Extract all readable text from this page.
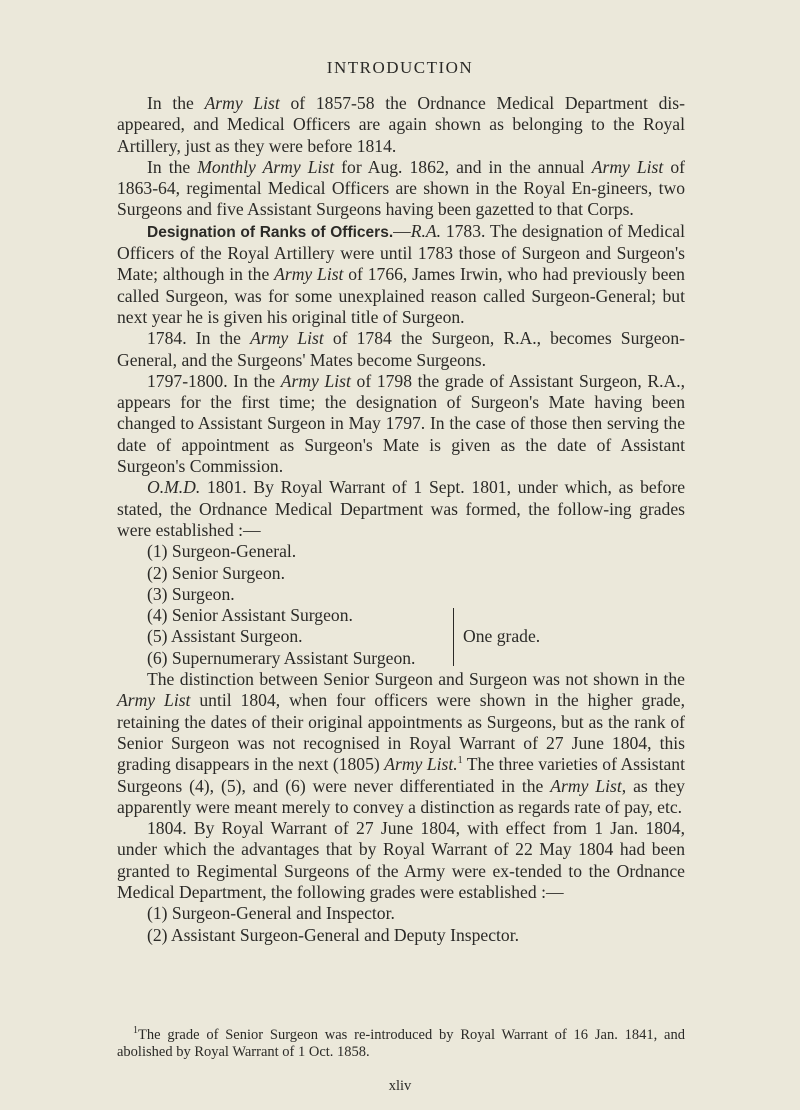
INTRODUCTION

In the Army List of 1857-58 the Ordnance Medical Department dis-appeared, and Medical Officers are again shown as belonging to the Royal Artillery, just as they were before 1814.

In the Monthly Army List for Aug. 1862, and in the annual Army List of 1863-64, regimental Medical Officers are shown in the Royal En-gineers, two Surgeons and five Assistant Surgeons having been gazetted to that Corps.

Designation of Ranks of Officers.—R.A. 1783. The designation of Medical Officers of the Royal Artillery were until 1783 those of Surgeon and Surgeon's Mate; although in the Army List of 1766, James Irwin, who had previously been called Surgeon, was for some unexplained reason called Surgeon-General; but next year he is given his original title of Surgeon.

1784. In the Army List of 1784 the Surgeon, R.A., becomes Surgeon-General, and the Surgeons' Mates become Surgeons.

1797-1800. In the Army List of 1798 the grade of Assistant Surgeon, R.A., appears for the first time; the designation of Surgeon's Mate having been changed to Assistant Surgeon in May 1797. In the case of those then serving the date of appointment as Surgeon's Mate is given as the date of Assistant Surgeon's Commission.

O.M.D. 1801. By Royal Warrant of 1 Sept. 1801, under which, as before stated, the Ordnance Medical Department was formed, the follow-ing grades were established :—

(1) Surgeon-General.

(2) Senior Surgeon.

(3) Surgeon.

(4) Senior Assistant Surgeon.

(5) Assistant Surgeon.

(6) Supernumerary Assistant Surgeon.

One grade.

The distinction between Senior Surgeon and Surgeon was not shown in the Army List until 1804, when four officers were shown in the higher grade, retaining the dates of their original appointments as Surgeons, but as the rank of Senior Surgeon was not recognised in Royal Warrant of 27 June 1804, this grading disappears in the next (1805) Army List.$^1$ The three varieties of Assistant Surgeons (4), (5), and (6) were never differentiated in the Army List, as they apparently were meant merely to convey a distinction as regards rate of pay, etc.

1804. By Royal Warrant of 27 June 1804, with effect from 1 Jan. 1804, under which the advantages that by Royal Warrant of 22 May 1804 had been granted to Regimental Surgeons of the Army were ex-tended to the Ordnance Medical Department, the following grades were established :—

(1) Surgeon-General and Inspector.

(2) Assistant Surgeon-General and Deputy Inspector.

$^1$The grade of Senior Surgeon was re-introduced by Royal Warrant of 16 Jan. 1841, and abolished by Royal Warrant of 1 Oct. 1858.

xliv
